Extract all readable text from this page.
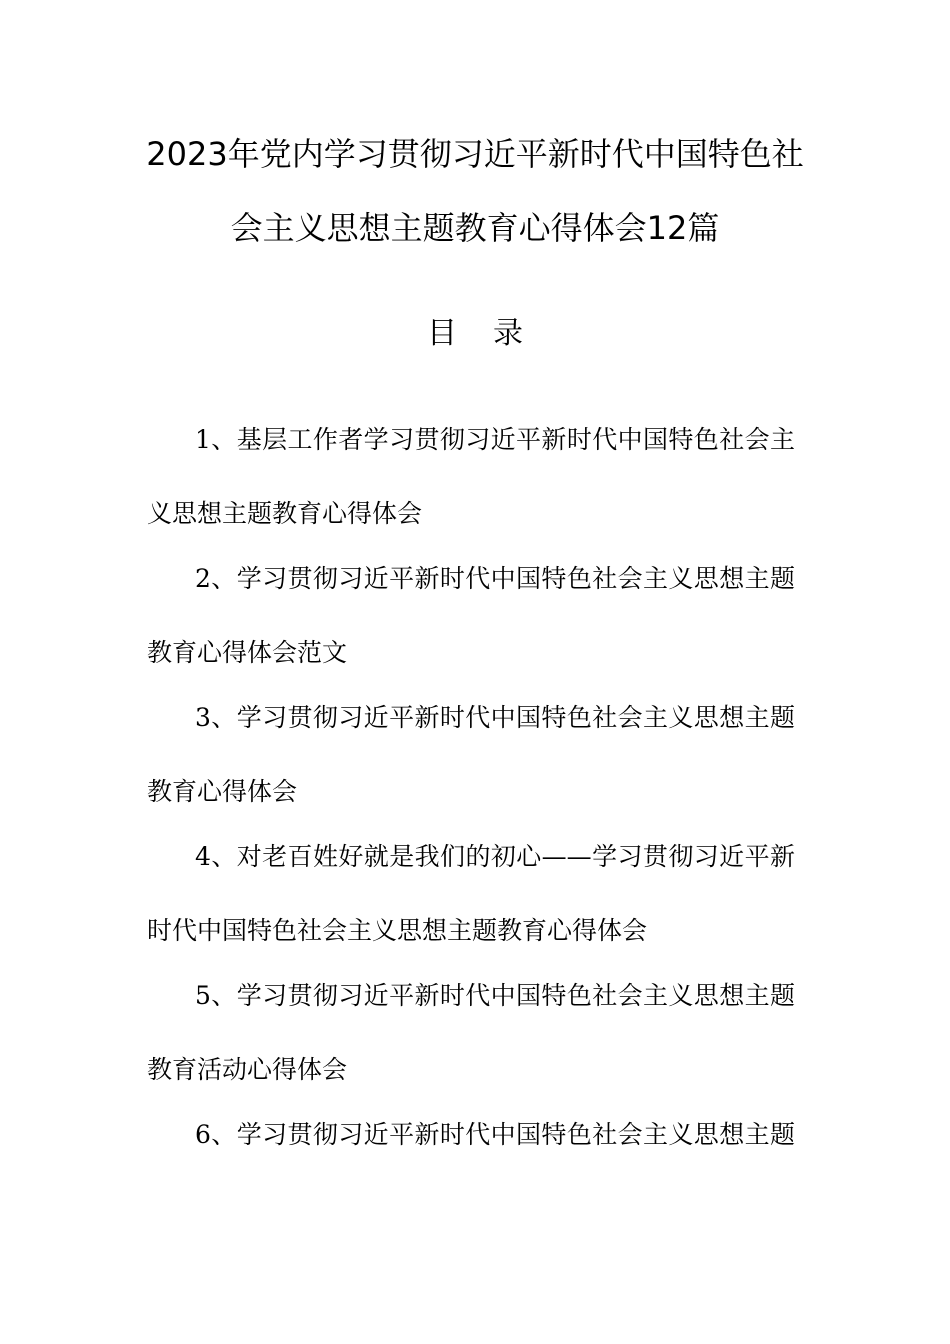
2023年党内学习贯彻习近平新时代中国特色社
会主义思想主题教育心得体会12篇
目录
1、基层工作者学习贯彻习近平新时代中国特色社会主
义思想主题教育心得体会
2、学习贯彻习近平新时代中国特色社会主义思想主题
教育心得体会范文
3、学习贯彻习近平新时代中国特色社会主义思想主题
教育心得体会
4、对老百姓好就是我们的初心——学习贯彻习近平新
时代中国特色社会主义思想主题教育心得体会
5、学习贯彻习近平新时代中国特色社会主义思想主题
教育活动心得体会
6、学习贯彻习近平新时代中国特色社会主义思想主题
